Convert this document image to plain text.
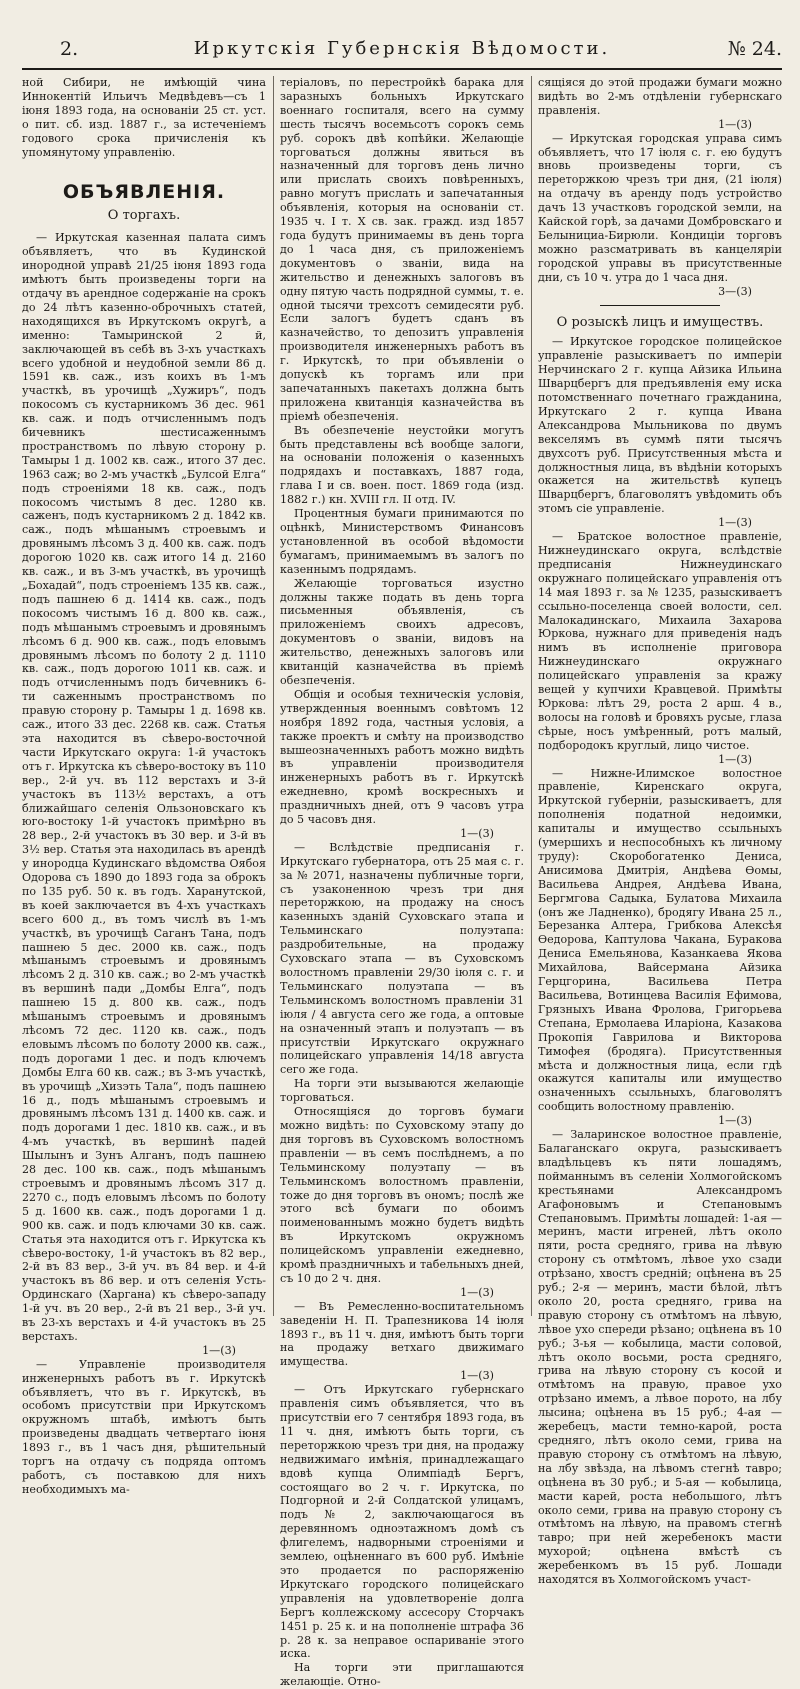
2.	Иркутскія Губернскія Вѣдомости.	№ 24.

ной Сибири, не имѣющій чина Иннокентій Ильичъ Медвѣдевъ—съ 1 іюня 1893 года, на основаніи 25 ст. уст. о пит. сб. изд. 1887 г., за истеченіемъ годового срока причисленія къ упомянутому управленію.

ОБЪЯВЛЕНІЯ.
О торгахъ.

— Иркутская казенная палата симъ объявляетъ, что въ Кудинской инородной управѣ 21/25 іюня 1893 года имѣютъ быть произведены торги на отдачу въ арендное содержаніе на срокъ до 24 лѣтъ казенно-оброчныхъ статей, находящихся въ Иркутскомъ округѣ, а именно: Тамыринской 2 й, заключающей въ себѣ въ 3-хъ участкахъ всего удобной и неудобной земли 86 д. 1591 кв. саж., изъ коихъ въ 1-мъ участкѣ, въ урочищѣ „Хужиръ“, подъ покосомъ съ кустарникомъ 36 дес. 961 кв. саж. и подъ отчисленнымъ подъ бичевникъ шестисаженнымъ пространствомъ по лѣвую сторону р. Тамыры 1 д. 1002 кв. саж., итого 37 дес. 1963 саж; во 2-мъ участкѣ „Булсой Елга“ подъ строеніями 18 кв. саж., подъ покосомъ чистымъ 8 дес. 1280 кв. саженъ, подъ кустарникомъ 2 д. 1842 кв. саж., подъ мѣшанымъ строевымъ и дровянымъ лѣсомъ 3 д. 400 кв. саж. подъ дорогою 1020 кв. саж итого 14 д. 2160 кв. саж., и въ 3-мъ участкѣ, въ урочищѣ „Бохадай“, подъ строеніемъ 135 кв. саж., подъ пашнею 6 д. 1414 кв. саж., подъ покосомъ чистымъ 16 д. 800 кв. саж., подъ мѣшанымъ строевымъ и дровянымъ лѣсомъ 6 д. 900 кв. саж., подъ еловымъ дровянымъ лѣсомъ по болоту 2 д. 1110 кв. саж., подъ дорогою 1011 кв. саж. и подъ отчисленнымъ подъ бичевникъ 6-ти саженнымъ пространствомъ по правую сторону р. Тамыры 1 д. 1698 кв. саж., итого 33 дес. 2268 кв. саж. Статья эта находится въ сѣверо-восточной части Иркутскаго округа: 1-й участокъ отъ г. Иркутска къ сѣверо-востоку въ 110 вер., 2-й уч. въ 112 верстахъ и 3-й участокъ въ 113½ верстахъ, а отъ ближайшаго селенія Ользоновскаго къ юго-востоку 1-й участокъ примѣрно въ 28 вер., 2-й участокъ въ 30 вер. и 3-й въ 3½ вер. Статья эта находилась въ арендѣ у инородца Кудинскаго вѣдомства Оябоя Одорова съ 1890 до 1893 года за оброкъ по 135 руб. 50 к. въ годъ. Харанутской, въ коей заключается въ 4-хъ участкахъ всего 600 д., въ томъ числѣ въ 1-мъ участкѣ, въ урочищѣ Саганъ Тана, подъ пашнею 5 дес. 2000 кв. саж., подъ мѣшанымъ строевымъ и дровянымъ лѣсомъ 2 д. 310 кв. саж.; во 2-мъ участкѣ въ вершинѣ пади „Домбы Елга“, подъ пашнею 15 д. 800 кв. саж., подъ мѣшанымъ строевымъ и дровянымъ лѣсомъ 72 дес. 1120 кв. саж., подъ еловымъ лѣсомъ по болоту 2000 кв. саж., подъ дорогами 1 дес. и подъ ключемъ Домбы Елга 60 кв. саж.; въ 3-мъ участкѣ, въ урочищѣ „Хизэть Тала“, подъ пашнею 16 д., подъ мѣшанымъ строевымъ и дровянымъ лѣсомъ 131 д. 1400 кв. саж. и подъ дорогами 1 дес. 1810 кв. саж., и въ 4-мъ участкѣ, въ вершинѣ падей Шылынъ и Зунъ Алганъ, подъ пашнею 28 дес. 100 кв. саж., подъ мѣшанымъ строевымъ и дровянымъ лѣсомъ 317 д. 2270 с., подъ еловымъ лѣсомъ по болоту 5 д. 1600 кв. саж., подъ дорогами 1 д. 900 кв. саж. и подъ ключами 30 кв. саж. Статья эта находится отъ г. Иркутска къ сѣверо-востоку, 1-й участокъ въ 82 вер., 2-й въ 83 вер., 3-й уч. въ 84 вер. и 4-й участокъ въ 86 вер. и отъ селенія Усть-Ординскаго (Харгана) къ сѣверо-западу 1-й уч. въ 20 вер., 2-й въ 21 вер., 3-й уч. въ 23-хъ верстахъ и 4-й участокъ въ 25 верстахъ.

1—(3)

— Управленіе производителя инженерныхъ работъ въ г. Иркутскѣ объявляетъ, что въ г. Иркутскѣ, въ особомъ присутствіи при Иркутскомъ окружномъ штабѣ, имѣютъ быть произведены двадцать четвертаго іюня 1893 г., въ 1 часъ дня, рѣшительный торгъ на отдачу съ подряда оптомъ работъ, съ поставкою для нихъ необходимыхъ ма-

теріаловъ, по перестройкѣ барака для заразныхъ больныхъ Иркутскаго военнаго госпиталя, всего на сумму шесть тысячъ восемьсотъ сорокъ семь руб. сорокъ двѣ копѣйки. Желающіе торговаться должны явиться въ назначенный для торговъ день лично или прислать своихъ повѣренныхъ, равно могутъ прислать и запечатанныя объявленія, которыя на основаніи ст. 1935 ч. I т. X св. зак. гражд. изд 1857 года будутъ принимаемы въ день торга до 1 часа дня, съ приложеніемъ документовъ о званіи, вида на жительство и денежныхъ залоговъ въ одну пятую часть подрядной суммы, т. е. одной тысячи трехсотъ семидесяти руб. Если залогъ будетъ сданъ въ казначейство, то депозитъ управленія производителя инженерныхъ работъ въ г. Иркутскѣ, то при объявленіи о допускѣ къ торгамъ или при запечатанныхъ пакетахъ должна быть приложена квитанція казначейства въ пріемѣ обезпеченія.

Въ обезпеченіе неустойки могутъ быть представлены всѣ вообще залоги, на основаніи положенія о казенныхъ подрядахъ и поставкахъ, 1887 года, глава I и св. воен. пост. 1869 года (изд. 1882 г.) кн. XVIII гл. II отд. IV.

Процентныя бумаги принимаются по оцѣнкѣ, Министерствомъ Финансовъ установленной въ особой вѣдомости бумагамъ, принимаемымъ въ залогъ по казеннымъ подрядамъ.

Желающіе торговаться изустно должны также подать въ день торга письменныя объявленія, съ приложеніемъ своихъ адресовъ, документовъ о званіи, видовъ на жительство, денежныхъ залоговъ или квитанцій казначейства въ пріемѣ обезпеченія.

Общія и особыя техническія условія, утвержденныя военнымъ совѣтомъ 12 ноября 1892 года, частныя условія, а также проектъ и смѣту на производство вышеозначенныхъ работъ можно видѣть въ управленіи производителя инженерныхъ работъ въ г. Иркутскѣ ежедневно, кромѣ воскресныхъ и праздничныхъ дней, отъ 9 часовъ утра до 5 часовъ дня.

1—(3)

— Вслѣдствіе предписанія г. Иркутскаго губернатора, отъ 25 мая с. г. за № 2071, назначены публичные торги, съ узаконенною чрезъ три дня переторжкою, на продажу на сносъ казенныхъ зданій Суховскаго этапа и Тельминскаго полуэтапа: раздробительные, на продажу Суховскаго этапа — въ Суховскомъ волостномъ правленіи 29/30 іюля с. г. и Тельминскаго полуэтапа — въ Тельминскомъ волостномъ правленіи 31 іюля / 4 августа сего же года, а оптовые на означенный этапъ и полуэтапъ — въ присутствіи Иркутскаго окружнаго полицейскаго управленія 14/18 августа сего же года.

На торги эти вызываются желающіе торговаться.

Относящіяся до торговъ бумаги можно видѣть: по Суховскому этапу до дня торговъ въ Суховскомъ волостномъ правленіи — въ семъ послѣднемъ, а по Тельминскому полуэтапу — въ Тельминскомъ волостномъ правленіи, тоже до дня торговъ въ ономъ; послѣ же этого всѣ бумаги по обоимъ поименованнымъ можно будетъ видѣть въ Иркутскомъ окружномъ полицейскомъ управленіи ежедневно, кромѣ праздничныхъ и табельныхъ дней, съ 10 до 2 ч. дня.

1—(3)

— Въ Ремесленно-воспитательномъ заведеніи Н. П. Трапезникова 14 іюля 1893 г., въ 11 ч. дня, имѣютъ быть торги на продажу ветхаго движимаго имущества.

1—(3)

— Отъ Иркутскаго губернскаго правленія симъ объявляется, что въ присутствіи его 7 сентября 1893 года, въ 11 ч. дня, имѣютъ быть торги, съ переторжкою чрезъ три дня, на продажу недвижимаго имѣнія, принадлежащаго вдовѣ купца Олимпіадѣ Бергъ, состоящаго во 2 ч. г. Иркутска, по Подгорной и 2-й Солдатской улицамъ, подъ № 2, заключающагося въ деревянномъ одноэтажномъ домѣ съ флигелемъ, надворными строеніями и землею, оцѣненнаго въ 600 руб. Имѣніе это продается по распоряженію Иркутскаго городского полицейскаго управленія на удовлетвореніе долга Бергъ коллежскому ассесору Сторчакъ 1451 р. 25 к. и на пополненіе штрафа 36 р. 28 к. за неправое оспариваніе этого иска.

На торги эти приглашаются желающіе. Отно-

сящіяся до этой продажи бумаги можно видѣть во 2-мъ отдѣленіи губернскаго правленія.

1—(3)

— Иркутская городская управа симъ объявляетъ, что 17 іюля с. г. ею будутъ вновь произведены торги, съ переторжкою чрезъ три дня, (21 іюля) на отдачу въ аренду подъ устройство дачъ 13 участковъ городской земли, на Кайской горѣ, за дачами Домбровскаго и Белынициа-Бирюли. Кондиціи торговъ можно разсматривать въ канцеляріи городской управы въ присутственные дни, съ 10 ч. утра до 1 часа дня.

3—(3)

О розыскѣ лицъ и имуществъ.

— Иркутское городское полицейское управленіе разыскиваетъ по имперіи Нерчинскаго 2 г. купца Айзика Ильина Шварцбергъ для предъявленія ему иска потомственнаго почетнаго гражданина, Иркутскаго 2 г. купца Ивана Александрова Мыльникова по двумъ векселямъ въ суммѣ пяти тысячъ двухсотъ руб. Присутственныя мѣста и должностныя лица, въ вѣдѣніи которыхъ окажется на жительствѣ купецъ Шварцбергъ, благоволятъ увѣдомить объ этомъ сіе управленіе.

1—(3)

— Братское волостное правленіе, Нижнеудинскаго округа, вслѣдствіе предписанія Нижнеудинскаго окружнаго полицейскаго управленія отъ 14 мая 1893 г. за № 1235, разыскиваетъ ссыльно-поселенца своей волости, сел. Малокадинскаго, Михаила Захарова Юркова, нужнаго для приведенія надъ нимъ въ исполненіе приговора Нижнеудинскаго окружнаго полицейскаго управленія за кражу вещей у купчихи Кравцевой. Примѣты Юркова: лѣтъ 29, роста 2 арш. 4 в., волосы на головѣ и бровяхъ русые, глаза сѣрые, носъ умѣренный, ротъ малый, подбородокъ круглый, лицо чистое.

1—(3)

— Нижне-Илимское волостное правленіе, Киренскаго округа, Иркутской губерніи, разыскиваетъ, для пополненія податной недоимки, капиталы и имущество ссыльныхъ (умершихъ и неспособныхъ къ личному труду): Скоробогатенко Дениса, Анисимова Дмитрія, Андѣева Ѳомы, Васильева Андрея, Андѣева Ивана, Бергмгова Садыка, Булатова Михаила (онъ же Ладненко), бродягу Ивана 25 л., Березанка Алтера, Грибкова Алексѣя Ѳедорова, Каптулова Чакана, Буракова Дениса Емельянова, Казанкаева Якова Михайлова, Вайсермана Айзика Герцгорина, Васильева Петра Васильева, Вотинцева Василія Ефимова, Грязныхъ Ивана Фролова, Григорьева Степана, Ермолаева Иларіона, Казакова Прокопія Гавриловa и Викторова Тимофея (бродяга). Присутственныя мѣста и должностныя лица, если гдѣ окажутся капиталы или имущество означенныхъ ссыльныхъ, благоволятъ сообщить волостному правленію.

1—(3)

— Заларинское волостное правленіе, Балаганскаго округа, разыскиваетъ владѣльцевъ къ пяти лошадямъ, пойманнымъ въ селеніи Холмогойскомъ крестьянами Александромъ Агафоновымъ и Степановымъ Степановымъ. Примѣты лошадей: 1-ая — меринъ, масти игреней, лѣтъ около пяти, роста средняго, грива на лѣвую сторону съ отмѣтомъ, лѣвое ухо сзади отрѣзано, хвостъ средній; оцѣнена въ 25 руб.; 2-я — меринъ, масти бѣлой, лѣтъ около 20, роста средняго, грива на правую сторону съ отмѣтомъ на лѣвую, лѣвое ухо спереди рѣзано; оцѣнена въ 10 руб.; 3-ья — кобылица, масти соловой, лѣтъ около восьми, роста средняго, грива на лѣвую сторону съ косой и отмѣтомъ на правую, правое ухо отрѣзано имемъ, а лѣвое порото, на лбу лысина; оцѣнена въ 15 руб.; 4-ая — жеребецъ, масти темно-карой, роста средняго, лѣтъ около семи, грива на правую сторону съ отмѣтомъ на лѣвую, на лбу звѣзда, на лѣвомъ стегнѣ тавро; оцѣнена въ 30 руб.; и 5-ая — кобылица, масти карей, роста небольшого, лѣтъ около семи, грива на правую сторону съ отмѣтомъ на лѣвую, на правомъ стегнѣ тавро; при ней жеребенокъ масти мухорой; оцѣнена вмѣстѣ съ жеребенкомъ въ 15 руб. Лошади находятся въ Холмогойскомъ участ-
